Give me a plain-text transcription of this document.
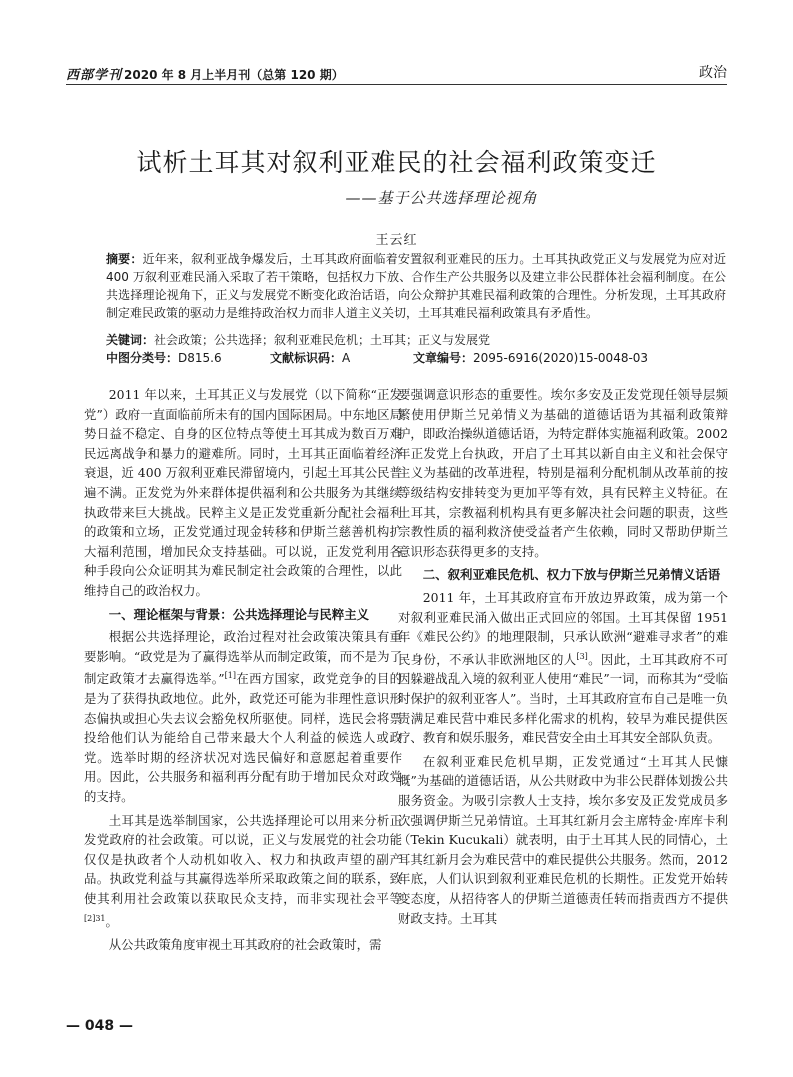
西部学刊 2020 年 8 月上半月刊（总第 120 期）	政治
试析土耳其对叙利亚难民的社会福利政策变迁
——基于公共选择理论视角
王云红
摘要：近年来，叙利亚战争爆发后，土耳其政府面临着安置叙利亚难民的压力。土耳其执政党正义与发展党为应对近 400 万叙利亚难民涌入采取了若干策略，包括权力下放、合作生产公共服务以及建立非公民群体社会福利制度。在公共选择理论视角下，正义与发展党不断变化政治话语，向公众辩护其难民福利政策的合理性。分析发现，土耳其政府制定难民政策的驱动力是维持政治权力而非人道主义关切，土耳其难民福利政策具有矛盾性。
关键词：社会政策；公共选择；叙利亚难民危机；土耳其；正义与发展党
中图分类号：D815.6	文献标识码：A	文章编号：2095-6916(2020)15-0048-03

2011 年以来，土耳其正义与发展党（以下简称“正发党”）政府一直面临前所未有的国内国际困局。中东地区局势日益不稳定、自身的区位特点等使土耳其成为数百万难民远离战争和暴力的避难所。同时，土耳其正面临着经济衰退，近 400 万叙利亚难民滞留境内，引起土耳其公民普遍不满。正发党为外来群体提供福利和公共服务为其继续执政带来巨大挑战。民粹主义是正发党重新分配社会福利的政策和立场，正发党通过现金转移和伊斯兰慈善机构扩大福利范围，增加民众支持基础。可以说，正发党利用各种手段向公众证明其为难民制定社会政策的合理性，以此维持自己的政治权力。

一、理论框架与背景：公共选择理论与民粹主义

根据公共选择理论，政治过程对社会政策决策具有重要影响。“政党是为了赢得选举从而制定政策，而不是为了制定政策才去赢得选举。”[1]在西方国家，政党竞争的目的是为了获得执政地位。此外，政党还可能为非理性意识形态偏执或担心失去议会豁免权所驱使。同样，选民会将票投给他们认为能给自己带来最大个人利益的候选人或政党。选举时期的经济状况对选民偏好和意愿起着重要作用。因此，公共服务和福利再分配有助于增加民众对政党的支持。

土耳其是选举制国家，公共选择理论可以用来分析正发党政府的社会政策。可以说，正义与发展党的社会功能仅仅是执政者个人动机如收入、权力和执政声望的副产品。执政党利益与其赢得选举所采取政策之间的联系，致使其利用社会政策以获取民众支持，而非实现社会平等$^{[2]31}$。

从公共政策角度审视土耳其政府的社会政策时，需

要强调意识形态的重要性。埃尔多安及正发党现任领导层频繁使用伊斯兰兄弟情义为基础的道德话语为其福利政策辩护，即政治操纵道德话语，为特定群体实施福利政策。2002 年正发党上台执政，开启了土耳其以新自由主义和社会保守主义为基础的改革进程，特别是福利分配机制从改革前的按等级结构安排转变为更加平等有效，具有民粹主义特征。在土耳其，宗教福利机构具有更多解决社会问题的职责，这些宗教性质的福利救济使受益者产生依赖，同时又帮助伊斯兰意识形态获得更多的支持。

二、叙利亚难民危机、权力下放与伊斯兰兄弟情义话语

2011 年，土耳其政府宣布开放边界政策，成为第一个对叙利亚难民涌入做出正式回应的邻国。土耳其保留 1951 年《难民公约》的地理限制，只承认欧洲“避难寻求者”的难民身份，不承认非欧洲地区的人[3]。因此，土耳其政府不可因躲避战乱入境的叙利亚人使用“难民”一词，而称其为“受临时保护的叙利亚客人”。当时，土耳其政府宣布自己是唯一负责满足难民营中难民多样化需求的机构，较早为难民提供医疗、教育和娱乐服务，难民营安全由土耳其安全部队负责。

在叙利亚难民危机早期，正发党通过“土耳其人民慷慨”为基础的道德话语，从公共财政中为非公民群体划拨公共服务资金。为吸引宗教人士支持，埃尔多安及正发党成员多次强调伊斯兰兄弟情谊。土耳其红新月会主席特金·库库卡利（Tekin Kucukali）就表明，由于土耳其人民的同情心，土耳其红新月会为难民营中的难民提供公共服务。然而，2012 年底，人们认识到叙利亚难民危机的长期性。正发党开始转变态度，从招待客人的伊斯兰道德责任转而指责西方不提供财政支持。土耳其

— 048 —
